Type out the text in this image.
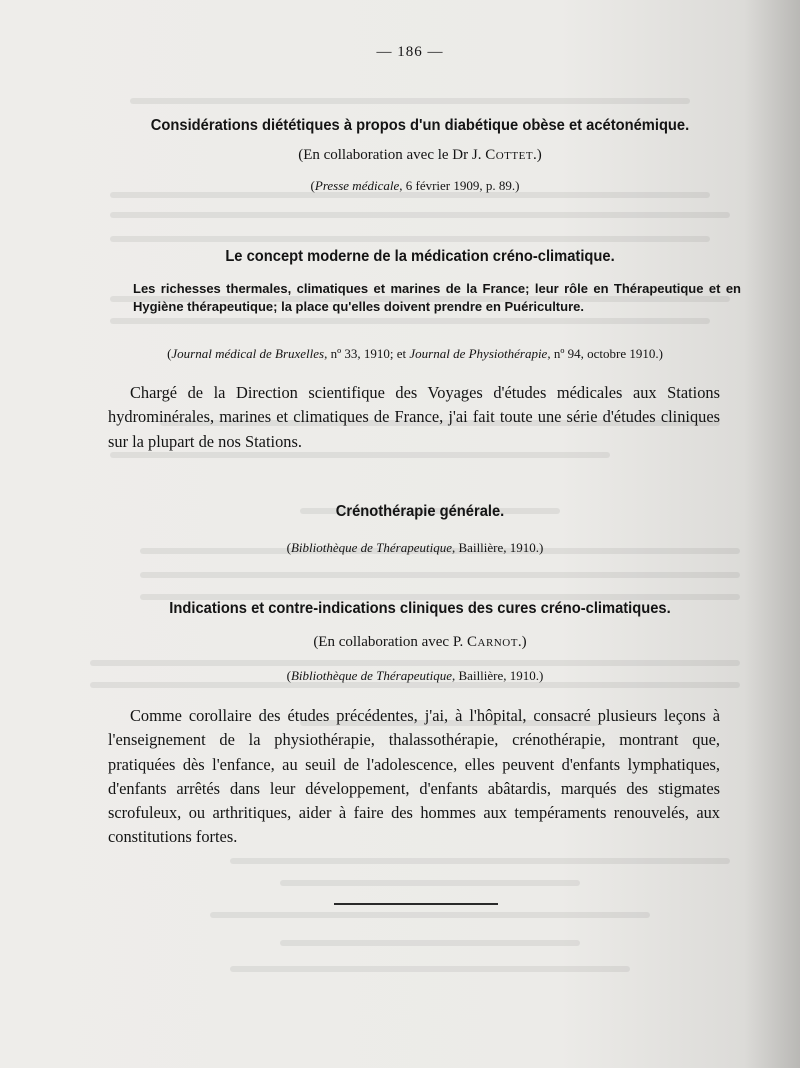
— 186 —
Considérations diététiques à propos d'un diabétique obèse et acétonémique.
(En collaboration avec le Dr J. Cottet.)
(Presse médicale, 6 février 1909, p. 89.)
Le concept moderne de la médication créno-climatique.
Les richesses thermales, climatiques et marines de la France; leur rôle en Thérapeutique et en Hygiène thérapeutique; la place qu'elles doivent prendre en Puériculture.
(Journal médical de Bruxelles, nº 33, 1910; et Journal de Physiothérapie, nº 94, octobre 1910.)
Chargé de la Direction scientifique des Voyages d'études médicales aux Stations hydrominérales, marines et climatiques de France, j'ai fait toute une série d'études cliniques sur la plupart de nos Stations.
Crénothérapie générale.
(Bibliothèque de Thérapeutique, Baillière, 1910.)
Indications et contre-indications cliniques des cures créno-climatiques.
(En collaboration avec P. Carnot.)
(Bibliothèque de Thérapeutique, Baillière, 1910.)
Comme corollaire des études précédentes, j'ai, à l'hôpital, consacré plusieurs leçons à l'enseignement de la physiothérapie, thalassothérapie, crénothérapie, montrant que, pratiquées dès l'enfance, au seuil de l'adolescence, elles peuvent d'enfants lymphatiques, d'enfants arrêtés dans leur développement, d'enfants abâtardis, marqués des stigmates scrofuleux, ou arthritiques, aider à faire des hommes aux tempéraments renouvelés, aux constitutions fortes.
